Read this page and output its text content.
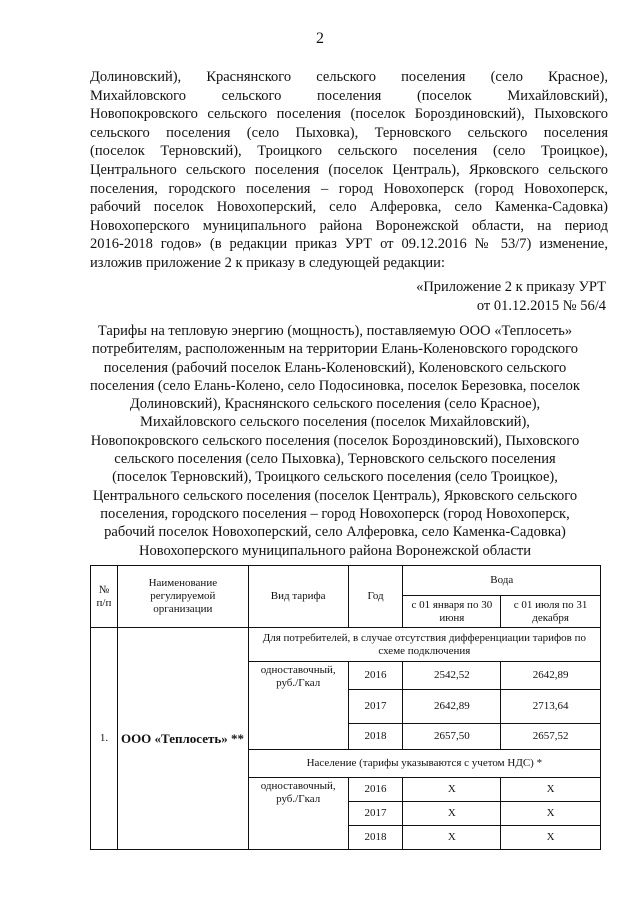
2
Долиновский), Краснянского сельского поселения (село Красное),
Михайловского сельского поселения (поселок Михайловский),
Новопокровского сельского поселения (поселок Бороздиновский), Пыховского
сельского поселения (село Пыховка), Терновского сельского поселения
(поселок Терновский), Троицкого сельского поселения (село Троицкое),
Центрального сельского поселения (поселок Централь), Ярковского сельского
поселения, городского поселения – город Новохоперск (город Новохоперск,
рабочий поселок Новохоперский, село Алферовка, село Каменка-Садовка)
Новохоперского муниципального района Воронежской области, на период
2016-2018 годов» (в редакции приказ УРТ от 09.12.2016 № 53/7) изменение,
изложив приложение 2 к приказу в следующей редакции:
«Приложение 2 к приказу УРТ
от 01.12.2015 № 56/4
Тарифы на тепловую энергию (мощность), поставляемую ООО «Теплосеть»
потребителям, расположенным на территории Елань-Коленовского городского
поселения (рабочий поселок Елань-Коленовский), Коленовского сельского
поселения (село Елань-Колено, село Подосиновка, поселок Березовка, поселок
Долиновский), Краснянского сельского поселения (село Красное),
Михайловского сельского поселения (поселок Михайловский),
Новопокровского сельского поселения (поселок Бороздиновский), Пыховского
сельского поселения (село Пыховка), Терновского сельского поселения
(поселок Терновский), Троицкого сельского поселения (село Троицкое),
Центрального сельского поселения (поселок Централь), Ярковского сельского
поселения, городского поселения – город Новохоперск (город Новохоперск,
рабочий поселок Новохоперский, село Алферовка, село Каменка-Садовка)
Новохоперского муниципального района Воронежской области
№ п/п	Наименование регулируемой организации	Вид тарифа	Год	Вода	
				с 01 января по 30 июня	с 01 июля по 31 декабря
1.	ООО «Теплосеть» **	Для потребителей, в случае отсутствия дифференциации тарифов по схеме подключения			
		одноставочный, руб./Гкал	2016	2542,52	2642,89
			2017	2642,89	2713,64
			2018	2657,50	2657,52
		Население (тарифы указываются с учетом НДС) *			
		одноставочный, руб./Гкал	2016	Х	Х
			2017	Х	Х
			2018	Х	Х
